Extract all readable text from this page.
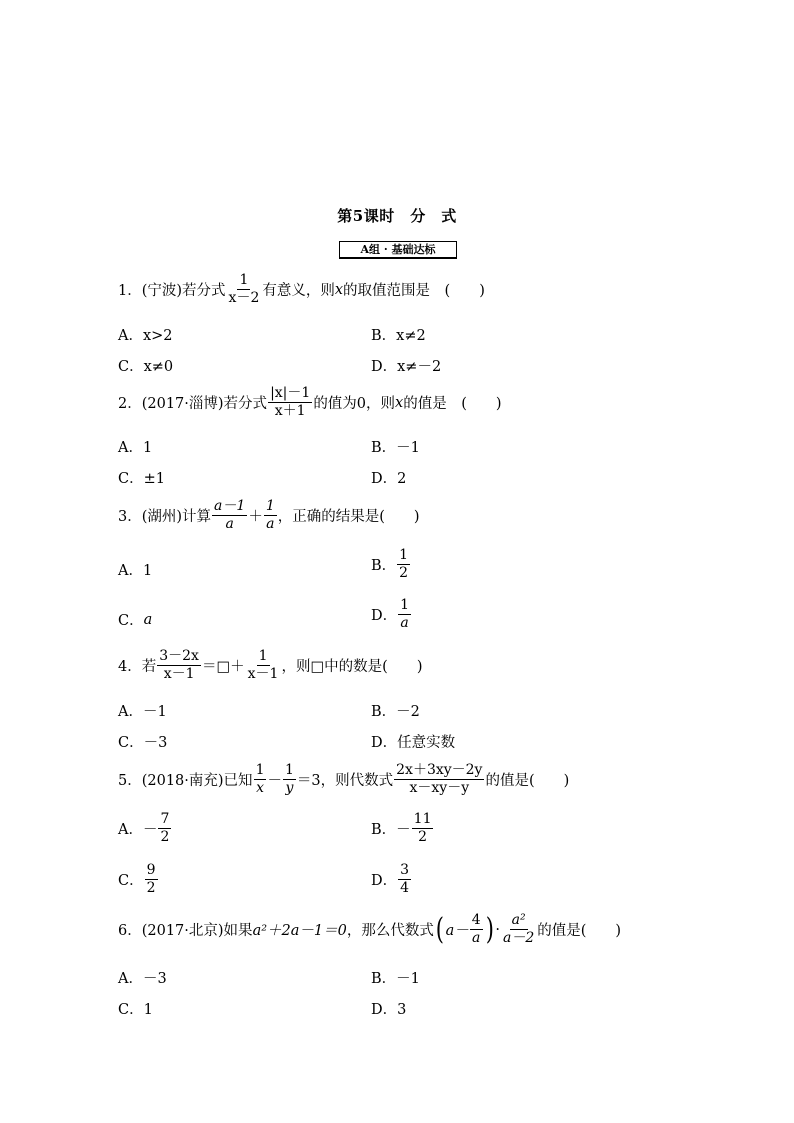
第5课时　分　式
A组 · 基础达标
1．(宁波)若分式 $\frac{1}{x-2}$ 有意义，则 x 的取值范围是　(　　)
A．x>2	B．x≠2
C．x≠0	D．x≠－2
2．(2017·淄博)若分式 $\frac{|x|-1}{x+1}$ 的值为0，则 x 的值是　(　　)
A．1	B．－1
C．±1	D．2
3．(湖州)计算 $\frac{a-1}{a} + \frac{1}{a}$ ，正确的结果是(　　)
A．1	B． $\frac{1}{2}$
C． a	D． $\frac{1}{a}$
4．若 $\frac{3-2x}{x-1}$ ＝□＋ $\frac{1}{x-1}$ ，则□中的数是(　　)
A．－1	B．－2
C．－3	D．任意实数
5．(2018·南充)已知 $\frac{1}{x} - \frac{1}{y} =3$，则代数式 $\frac{2x+3xy-2y}{x-xy-y}$ 的值是(　　)
A．－ $\frac{7}{2}$	B．－ $\frac{11}{2}$
C． $\frac{9}{2}$	D． $\frac{3}{4}$
6．(2017·北京)如果 a²＋2a－1＝0 ，那么代数式 ( $a- \frac{4}{a}$ ) · $\frac{\text{a²}}{a-2}$ 的值是(　　)
A．－3	B．－1
C．1	D．3
